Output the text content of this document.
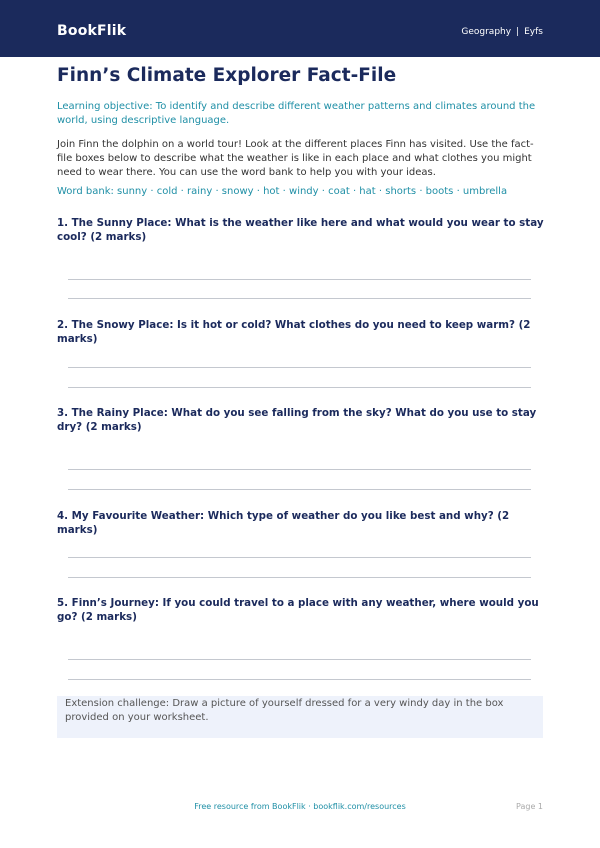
BookFlik	Geography | Eyfs
Finn’s Climate Explorer Fact-File
Learning objective: To identify and describe different weather patterns and climates around the world, using descriptive language.
Join Finn the dolphin on a world tour! Look at the different places Finn has visited. Use the fact-file boxes below to describe what the weather is like in each place and what clothes you might need to wear there. You can use the word bank to help you with your ideas.
Word bank: sunny · cold · rainy · snowy · hot · windy · coat · hat · shorts · boots · umbrella
1. The Sunny Place: What is the weather like here and what would you wear to stay cool? (2 marks)
2. The Snowy Place: Is it hot or cold? What clothes do you need to keep warm? (2 marks)
3. The Rainy Place: What do you see falling from the sky? What do you use to stay dry? (2 marks)
4. My Favourite Weather: Which type of weather do you like best and why? (2 marks)
5. Finn’s Journey: If you could travel to a place with any weather, where would you go? (2 marks)
Extension challenge: Draw a picture of yourself dressed for a very windy day in the box provided on your worksheet.
Free resource from BookFlik · bookflik.com/resources	Page 1
